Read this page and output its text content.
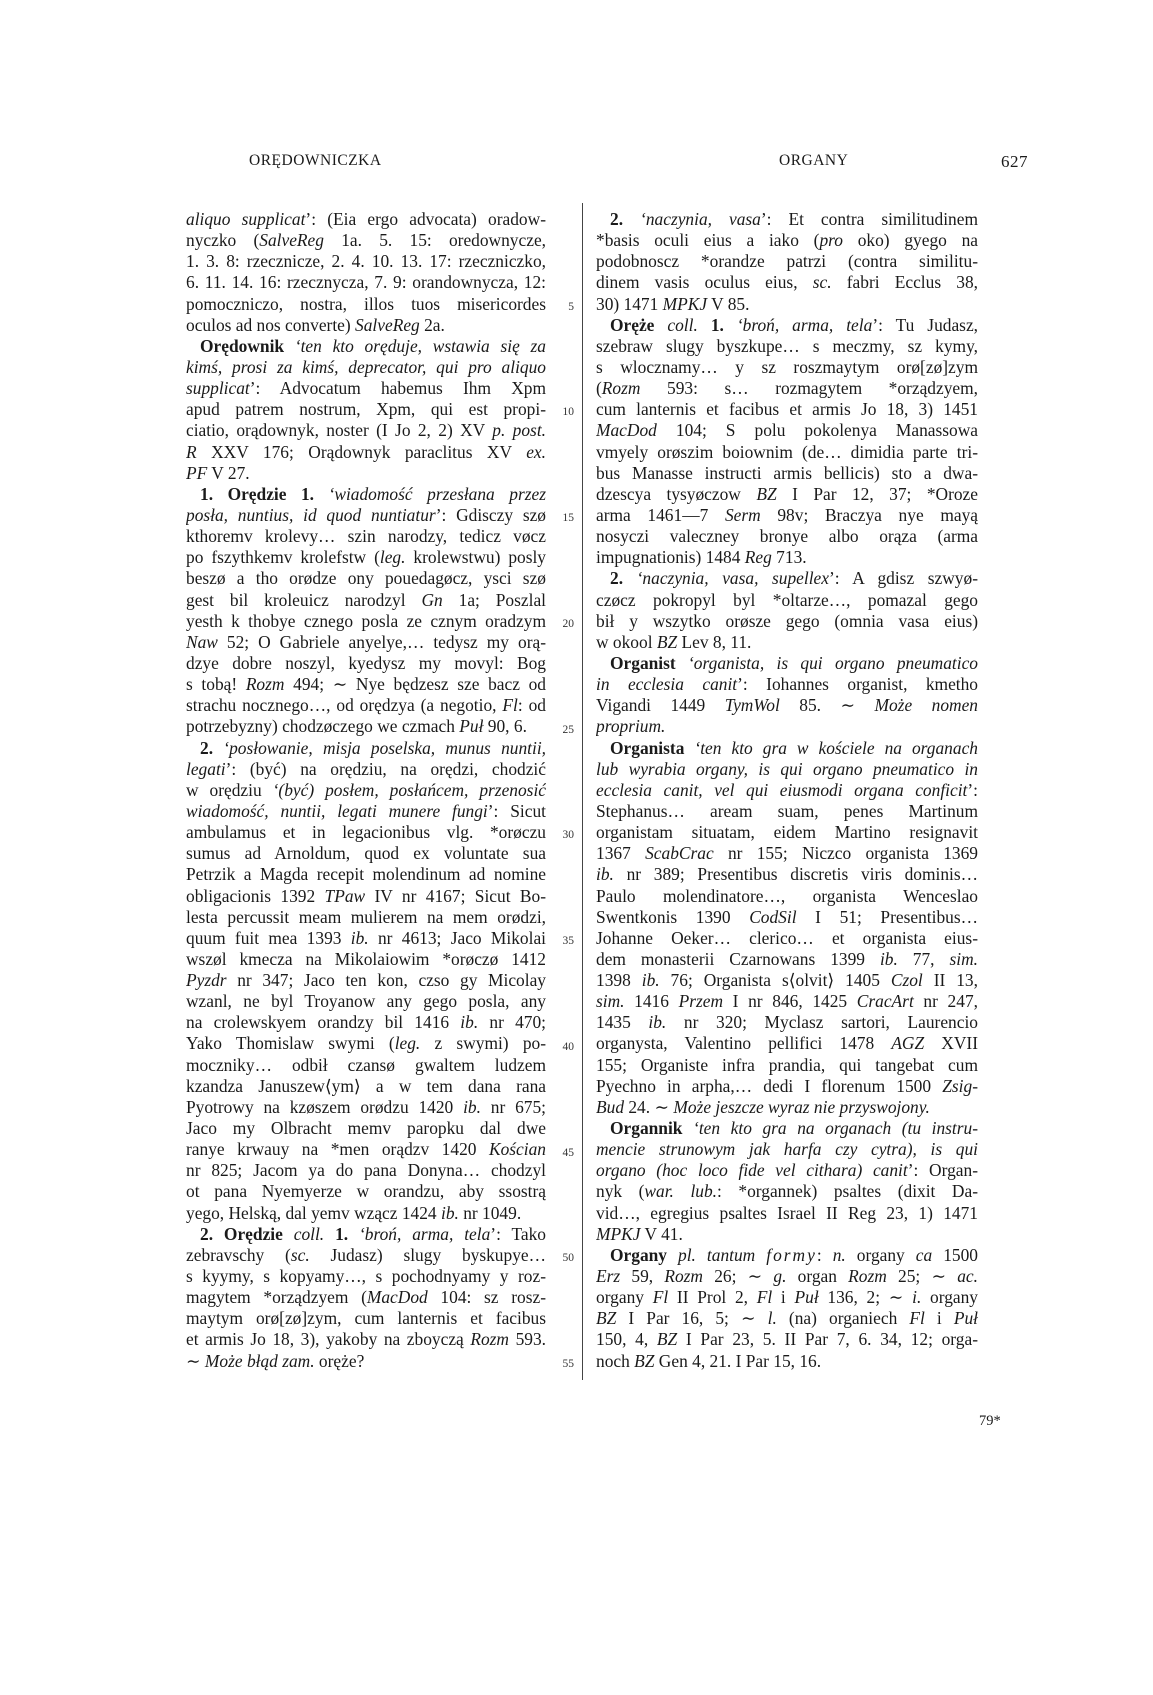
ORĘDOWNICZKA	ORGANY	627
aliquo supplicat’: (Eia ergo advocata) oradow-
nyczko (SalveReg 1a. 5. 15: oredownycze,
1. 3. 8: rzecznicze, 2. 4. 10. 13. 17: rzeczniczko,
6. 11. 14. 16: rzecznycza, 7. 9: orandownycza, 12:
pomoczniczo, nostra, illos tuos misericordes
oculos ad nos converte) SalveReg 2a.
Orędownik ‘ten kto oręduje, wstawia się za
kimś, prosi za kimś, deprecator, qui pro aliquo
supplicat’: Advocatum habemus Ihm Xpm
apud patrem nostrum, Xpm, qui est propi-
ciatio, orądownyk, noster (I Jo 2, 2) XV p. post.
R XXV 176; Orądownyk paraclitus XV ex.
PF V 27.
1. Orędzie 1. ‘wiadomość przesłana przez
posła, nuntius, id quod nuntiatur’: Gdisczy szø
kthoremv krolevy… szin narodzy, tedicz vøcz
po fszythkemv krolefstw (leg. krolewstwu) posly
beszø a tho orødze ony pouedagøcz, ysci szø
gest bil kroleuicz narodzyl Gn 1a; Poszlal
yesth k thobye cznego posla ze cznym oradzym
Naw 52; O Gabriele anyelye,… tedysz my orą-
dzye dobre noszyl, kyedysz my movyl: Bog
s tobą! Rozm 494; ∼ Nye będzesz sze bacz od
strachu nocznego…, od orędzya (a negotio, Fl: od
potrzebyzny) chodzøczego we czmach Puł 90, 6.
2. ‘posłowanie, misja poselska, munus nuntii,
legati’: (być) na orędziu, na orędzi, chodzić
w orędziu ‘(być) posłem, posłańcem, przenosić
wiadomość, nuntii, legati munere fungi’: Sicut
ambulamus et in legacionibus vlg. *orøczu
sumus ad Arnoldum, quod ex voluntate sua
Petrzik a Magda recepit molendinum ad nomine
obligacionis 1392 TPaw IV nr 4167; Sicut Bo-
lesta percussit meam mulierem na mem orødzi,
quum fuit mea 1393 ib. nr 4613; Jaco Mikolai
wszøl kmecza na Mikolaiowim *orøczø 1412
Pyzdr nr 347; Jaco ten kon, czso gy Micolay
wzanl, ne byl Troyanow any gego posla, any
na crolewskyem orandzy bil 1416 ib. nr 470;
Yako Thomislaw swymi (leg. z swymi) po-
moczniky… odbił czansø gwaltem ludzem
kzandza Januszew⟨ym⟩ a w tem dana rana
Pyotrowy na kzøszem orødzu 1420 ib. nr 675;
Jaco my Olbracht memv paropku dal dwe
ranye krwauy na *men orądzv 1420 Kościan
nr 825; Jacom ya do pana Donyna… chodzyl
ot pana Nyemyerze w orandzu, aby ssostrą
yego, Helską, dal yemv wzącz 1424 ib. nr 1049.
2. Orędzie coll. 1. ‘broń, arma, tela’: Tako
zebravschy (sc. Judasz) slugy byskupye…
s kyymy, s kopyamy…, s pochodnyamy y roz-
magytem *orządzyem (MacDod 104: sz rosz-
maytym orø[zø]zym, cum lanternis et facibus
et armis Jo 18, 3), yakoby na zboyczą Rozm 593.
∼ Może błąd zam. oręże?
5
10
15
20
25
30
35
40
45
50
55
2. ‘naczynia, vasa’: Et contra similitudinem
*basis oculi eius a iako (pro oko) gyego na
podobnoscz *orandze patrzi (contra similitu-
dinem vasis oculus eius, sc. fabri Ecclus 38,
30) 1471 MPKJ V 85.
Oręże coll. 1. ‘broń, arma, tela’: Tu Judasz,
szebraw slugy byszkupe… s meczmy, sz kymy,
s wlocznamy… y sz roszmaytym orø[zø]zym
(Rozm 593: s… rozmagytem *orządzyem,
cum lanternis et facibus et armis Jo 18, 3) 1451
MacDod 104; S polu pokolenya Manassowa
vmyely orøszim boiownim (de… dimidia parte tri-
bus Manasse instructi armis bellicis) sto a dwa-
dzescya tysyøczow BZ I Par 12, 37; *Oroze
arma 1461—7 Serm 98v; Braczya nye mayą
nosyczi valeczney bronye albo orąza (arma
impugnationis) 1484 Reg 713.
2. ‘naczynia, vasa, supellex’: A gdisz szwyø-
czøcz pokropyl byl *oltarze…, pomazal gego
bił y wszytko orøsze gego (omnia vasa eius)
w okool BZ Lev 8, 11.
Organist ‘organista, is qui organo pneumatico
in ecclesia canit’: Iohannes organist, kmetho
Vigandi 1449 TymWol 85. ∼ Może nomen
proprium.
Organista ‘ten kto gra w kościele na organach
lub wyrabia organy, is qui organo pneumatico in
ecclesia canit, vel qui eiusmodi organa conficit’:
Stephanus… aream suam, penes Martinum
organistam situatam, eidem Martino resignavit
1367 ScabCrac nr 155; Niczco organista 1369
ib. nr 389; Presentibus discretis viris dominis…
Paulo molendinatore…, organista Wenceslao
Swentkonis 1390 CodSil I 51; Presentibus…
Johanne Oeker… clerico… et organista eius-
dem monasterii Czarnowans 1399 ib. 77, sim.
1398 ib. 76; Organista s⟨olvit⟩ 1405 Czol II 13,
sim. 1416 Przem I nr 846, 1425 CracArt nr 247,
1435 ib. nr 320; Myclasz sartori, Laurencio
organysta, Valentino pellifici 1478 AGZ XVII
155; Organiste infra prandia, qui tangebat cum
Pyechno in arpha,… dedi I florenum 1500 Zsig-
Bud 24. ∼ Może jeszcze wyraz nie przyswojony.
Organnik ‘ten kto gra na organach (tu instru-
mencie strunowym jak harfa czy cytra), is qui
organo (hoc loco fide vel cithara) canit’: Organ-
nyk (war. lub.: *organnek) psaltes (dixit Da-
vid…, egregius psaltes Israel II Reg 23, 1) 1471
MPKJ V 41.
Organy pl. tantum formy: n. organy ca 1500
Erz 59, Rozm 26; ∼ g. organ Rozm 25; ∼ ac.
organy Fl II Prol 2, Fl i Puł 136, 2; ∼ i. organy
BZ I Par 16, 5; ∼ l. (na) organiech Fl i Puł
150, 4, BZ I Par 23, 5. II Par 7, 6. 34, 12; orga-
noch BZ Gen 4, 21. I Par 15, 16.
79*
